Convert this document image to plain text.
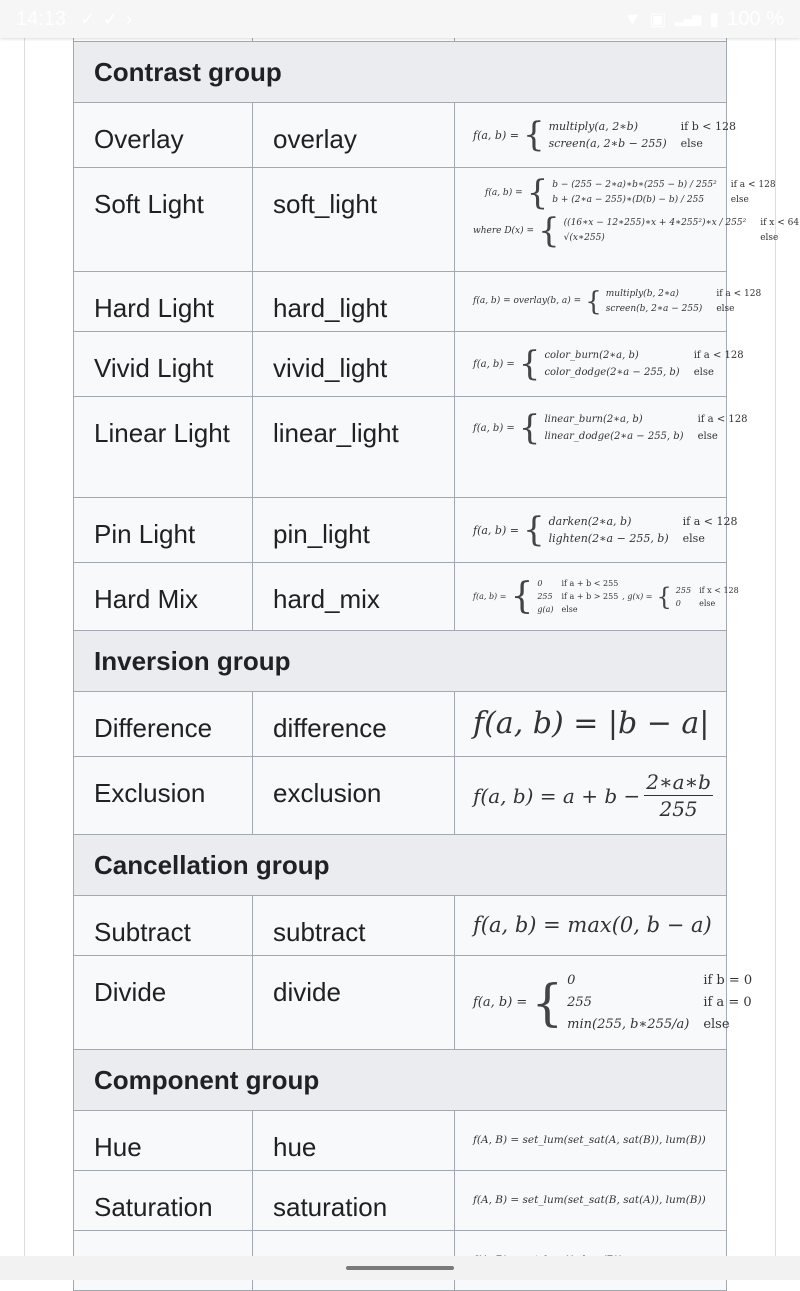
14:13 ✓ ✓ ›	▼ ▣ ▂▄▆ ▮ 100 %
Contrast group
Overlay	overlay	f(a, b) = { multiply(a, 2∗b)	if b < 128
screen(a, 2∗b − 255) else
Soft Light	soft_light	f(a, b) = { b − (255 − 2∗a)∗b∗(255 − b) / 255² if a < 128
b + (2∗a − 255)∗(D(b) − b) / 255	else
where D(x) = { ((16∗x − 12∗255)∗x + 4∗255²)∗x / 255² if x < 64
√(x∗255)	else
Hard Light	hard_light	f(a, b) = overlay(b, a) = { multiply(b, 2∗a)	if a < 128
screen(b, 2∗a − 255) else
Vivid Light	vivid_light	f(a, b) = { color_burn(2∗a, b)	if a < 128
color_dodge(2∗a − 255, b) else
Linear Light	linear_light	f(a, b) = { linear_burn(2∗a, b)	if a < 128
linear_dodge(2∗a − 255, b) else
Pin Light	pin_light	f(a, b) = { darken(2∗a, b)	if a < 128
lighten(2∗a − 255, b) else
Hard Mix	hard_mix	f(a, b) = { 0	if a + b < 255
255 if a + b > 255
g(a) else
, g(x) = { 255 if x < 128
0	else
Inversion group
Difference	difference	f(a, b) = |b − a|
Exclusion	exclusion	f(a, $b) = a + b - \frac{2∗a∗b}{255}$
Cancellation group
Subtract	subtract	f(a, b) = max(0, b − a)
Divide	divide	f(a, b) = { 0	if b = 0
255	if a = 0
min(255, b∗255/a) else
Component group
Hue	hue	f(A, B) = set_lum(set_sat(A, sat(B)), lum(B))
Saturation	saturation	f(A, B) = set_lum(set_sat(B, sat(A)), lum(B))
